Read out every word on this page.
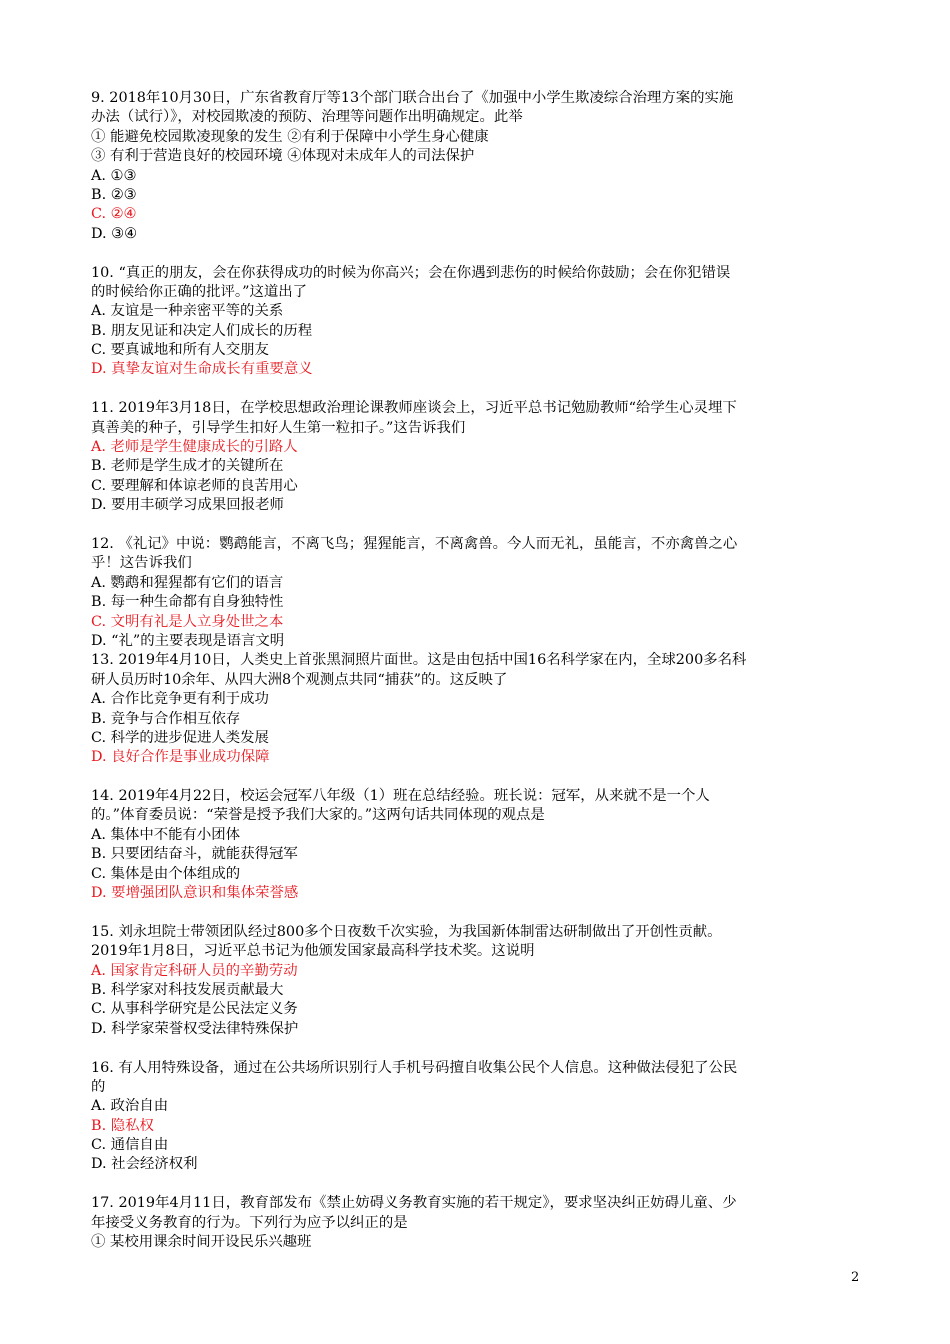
9. 2018年10月30日，广东省教育厅等13个部门联合出台了《加强中小学生欺凌综合治理方案的实施
办法（试行）》，对校园欺凌的预防、治理等问题作出明确规定。此举
① 能避免校园欺凌现象的发生 ②有利于保障中小学生身心健康
③ 有利于营造良好的校园环境 ④体现对未成年人的司法保护
A. ①③
B. ②③
C. ②④
D. ③④
10. “真正的朋友，会在你获得成功的时候为你高兴；会在你遇到悲伤的时候给你鼓励；会在你犯错误
的时候给你正确的批评。”这道出了
A. 友谊是一种亲密平等的关系
B. 朋友见证和决定人们成长的历程
C. 要真诚地和所有人交朋友
D. 真挚友谊对生命成长有重要意义
11. 2019年3月18日，在学校思想政治理论课教师座谈会上，习近平总书记勉励教师“给学生心灵埋下
真善美的种子，引导学生扣好人生第一粒扣子。”这告诉我们
A. 老师是学生健康成长的引路人
B. 老师是学生成才的关键所在
C. 要理解和体谅老师的良苦用心
D. 要用丰硕学习成果回报老师
12. 《礼记》中说：鹦鹉能言，不离飞鸟；猩猩能言，不离禽兽。今人而无礼，虽能言，不亦禽兽之心
乎！这告诉我们
A. 鹦鹉和猩猩都有它们的语言
B. 每一种生命都有自身独特性
C. 文明有礼是人立身处世之本
D. “礼”的主要表现是语言文明
13. 2019年4月10日，人类史上首张黑洞照片面世。这是由包括中国16名科学家在内，全球200多名科
研人员历时10余年、从四大洲8个观测点共同“捕获”的。这反映了
A. 合作比竞争更有利于成功
B. 竞争与合作相互依存
C. 科学的进步促进人类发展
D. 良好合作是事业成功保障
14. 2019年4月22日，校运会冠军八年级（1）班在总结经验。班长说：冠军，从来就不是一个人
的。”体育委员说：“荣誉是授予我们大家的。”这两句话共同体现的观点是
A. 集体中不能有小团体
B. 只要团结奋斗，就能获得冠军
C. 集体是由个体组成的
D. 要增强团队意识和集体荣誉感
15. 刘永坦院士带领团队经过800多个日夜数千次实验，为我国新体制雷达研制做出了开创性贡献。
2019年1月8日，习近平总书记为他颁发国家最高科学技术奖。这说明
A. 国家肯定科研人员的辛勤劳动
B. 科学家对科技发展贡献最大
C. 从事科学研究是公民法定义务
D. 科学家荣誉权受法律特殊保护
16. 有人用特殊设备，通过在公共场所识别行人手机号码擅自收集公民个人信息。这种做法侵犯了公民
的
A. 政治自由
B. 隐私权
C. 通信自由
D. 社会经济权利
17. 2019年4月11日，教育部发布《禁止妨碍义务教育实施的若干规定》，要求坚决纠正妨碍儿童、少
年接受义务教育的行为。下列行为应予以纠正的是
① 某校用课余时间开设民乐兴趣班
2
